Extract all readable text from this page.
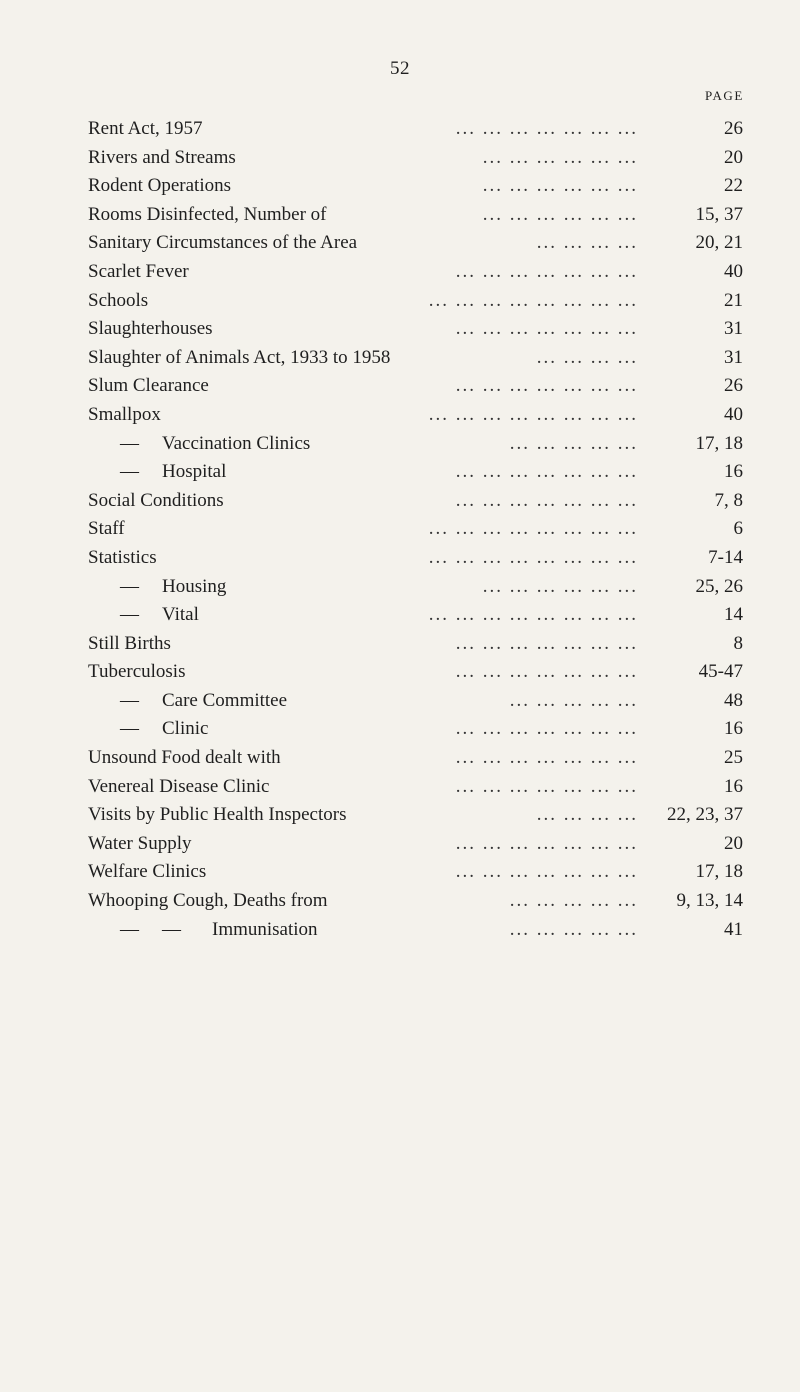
52
PAGE
Rent Act, 1957	... ... ... ... ... ... ...	26
Rivers and Streams	... ... ... ... ... ...	20
Rodent Operations	... ... ... ... ... ...	22
Rooms Disinfected, Number of	... ... ... ... ... ...	15, 37
Sanitary Circumstances of the Area	... ... ... ...	20, 21
Scarlet Fever	... ... ... ... ... ... ...	40
Schools	... ... ... ... ... ... ... ...	21
Slaughterhouses	... ... ... ... ... ... ...	31
Slaughter of Animals Act, 1933 to 1958	... ... ... ...	31
Slum Clearance	... ... ... ... ... ... ...	26
Smallpox	... ... ... ... ... ... ... ...	40
— Vaccination Clinics	... ... ... ... ...	17, 18
— Hospital	... ... ... ... ... ... ...	16
Social Conditions	... ... ... ... ... ... ...	7, 8
Staff	... ... ... ... ... ... ... ...	6
Statistics	... ... ... ... ... ... ... ...	7-14
— Housing	... ... ... ... ... ...	25, 26
— Vital	... ... ... ... ... ... ... ...	14
Still Births	... ... ... ... ... ... ...	8
Tuberculosis	... ... ... ... ... ... ...	45-47
— Care Committee	... ... ... ... ...	48
— Clinic	... ... ... ... ... ... ...	16
Unsound Food dealt with	... ... ... ... ... ... ...	25
Venereal Disease Clinic	... ... ... ... ... ... ...	16
Visits by Public Health Inspectors	... ... ... ... 22, 23, 37
Water Supply	... ... ... ... ... ... ...	20
Welfare Clinics	... ... ... ... ... ... ...	17, 18
Whooping Cough, Deaths from	... ... ... ... ... 9, 13, 14
— — Immunisation	... ... ... ... ...	41
